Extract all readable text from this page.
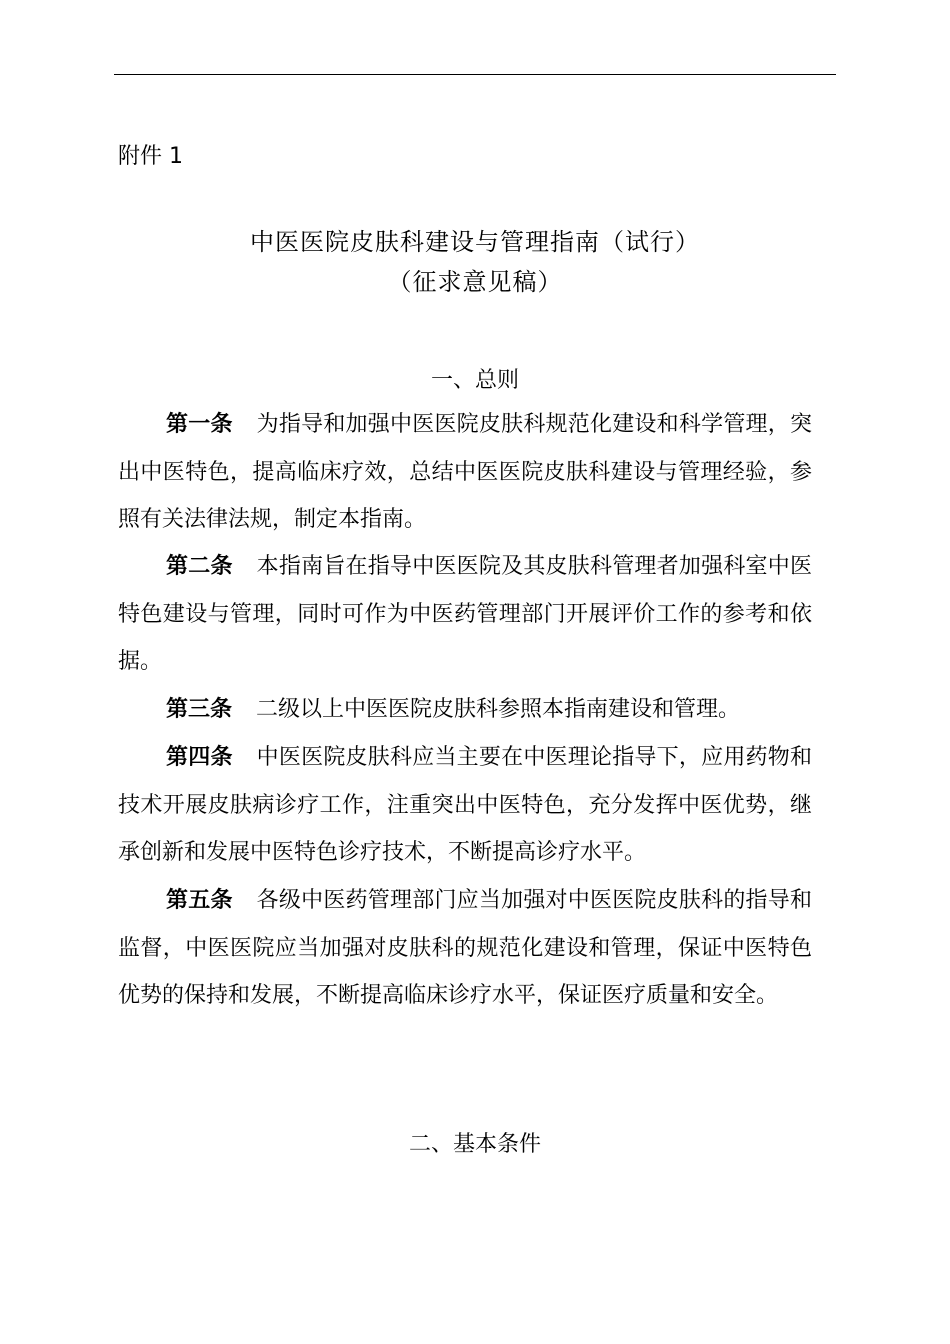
附件 1
中医医院皮肤科建设与管理指南（试行）
（征求意见稿）
一、总则

第一条 为指导和加强中医医院皮肤科规范化建设和科学管理，突出中医特色，提高临床疗效，总结中医医院皮肤科建设与管理经验，参照有关法律法规，制定本指南。

第二条 本指南旨在指导中医医院及其皮肤科管理者加强科室中医特色建设与管理，同时可作为中医药管理部门开展评价工作的参考和依据。

第三条 二级以上中医医院皮肤科参照本指南建设和管理。

第四条 中医医院皮肤科应当主要在中医理论指导下，应用药物和技术开展皮肤病诊疗工作，注重突出中医特色，充分发挥中医优势，继承创新和发展中医特色诊疗技术，不断提高诊疗水平。

第五条 各级中医药管理部门应当加强对中医医院皮肤科的指导和监督，中医医院应当加强对皮肤科的规范化建设和管理，保证中医特色优势的保持和发展，不断提高临床诊疗水平，保证医疗质量和安全。

二、基本条件
